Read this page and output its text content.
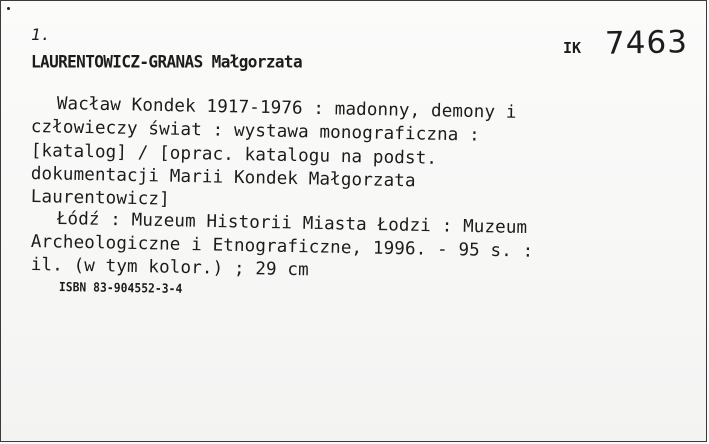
1.
LAURENTOWICZ-GRANAS Małgorzata
IK 7463
Wacław Kondek 1917-1976 : madonny, demony i
człowieczy świat : wystawa monograficzna :
[katalog] / [oprac. katalogu na podst.
dokumentacji Marii Kondek Małgorzata
Laurentowicz]
Łódź : Muzeum Historii Miasta Łodzi : Muzeum
Archeologiczne i Etnograficzne, 1996. - 95 s. :
il. (w tym kolor.) ; 29 cm
ISBN 83-904552-3-4
